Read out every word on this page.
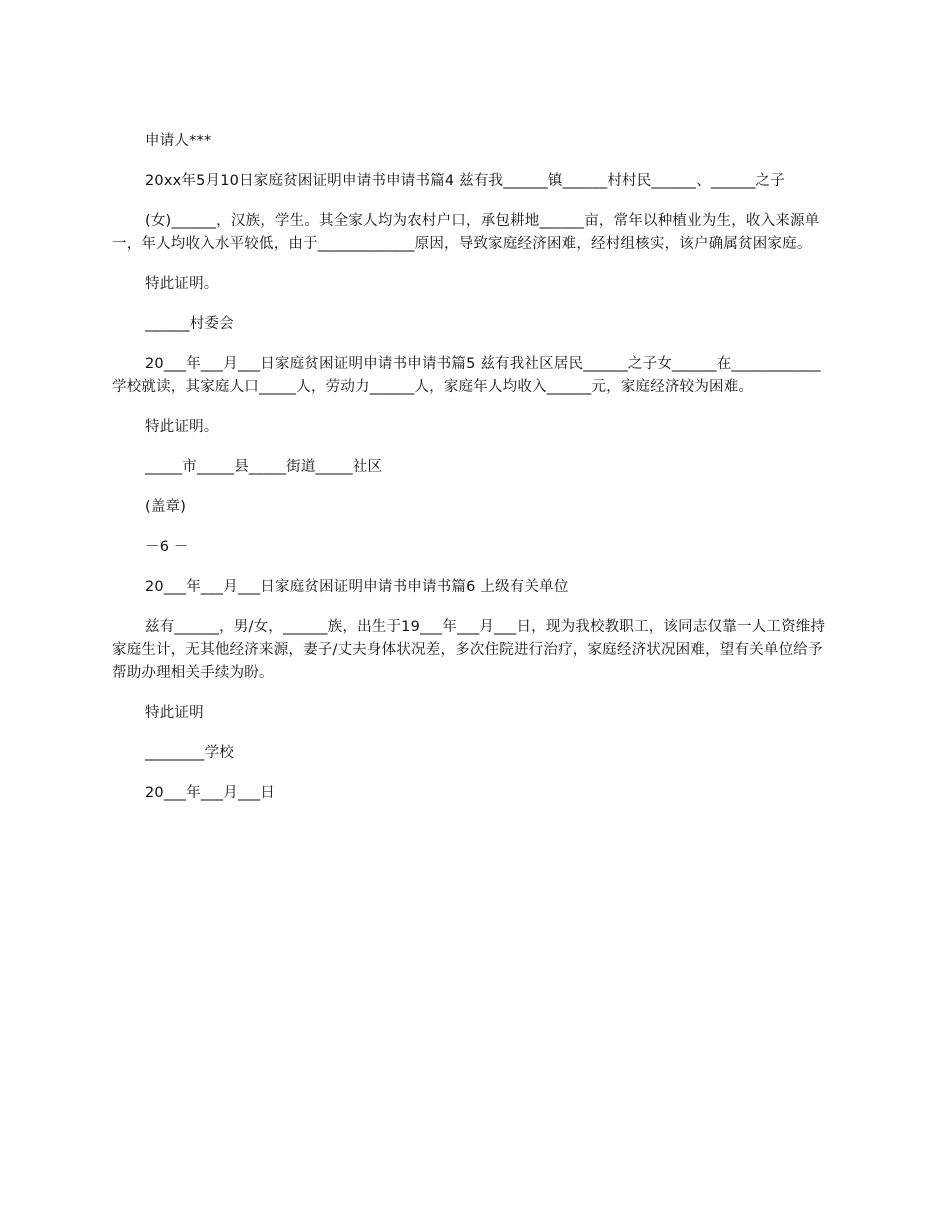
申请人***

20xx年5月10日家庭贫困证明申请书申请书篇4 兹有我______镇______村村民______、______之子

(女)______，汉族，学生。其全家人均为农村户口，承包耕地______亩，常年以种植业为生，收入来源单一，年人均收入水平较低，由于_____________原因，导致家庭经济困难，经村组核实，该户确属贫困家庭。

特此证明。

______村委会

20___年___月___日家庭贫困证明申请书申请书篇5 兹有我社区居民______之子女______在____________学校就读，其家庭人口_____人，劳动力______人，家庭年人均收入______元，家庭经济较为困难。

特此证明。

_____市_____县_____街道_____社区

(盖章)

－6 －

20___年___月___日家庭贫困证明申请书申请书篇6 上级有关单位

兹有______，男/女，______族，出生于19___年___月___日，现为我校教职工，该同志仅靠一人工资维持家庭生计，无其他经济来源，妻子/丈夫身体状况差，多次住院进行治疗，家庭经济状况困难，望有关单位给予帮助办理相关手续为盼。

特此证明

________学校

20___年___月___日
